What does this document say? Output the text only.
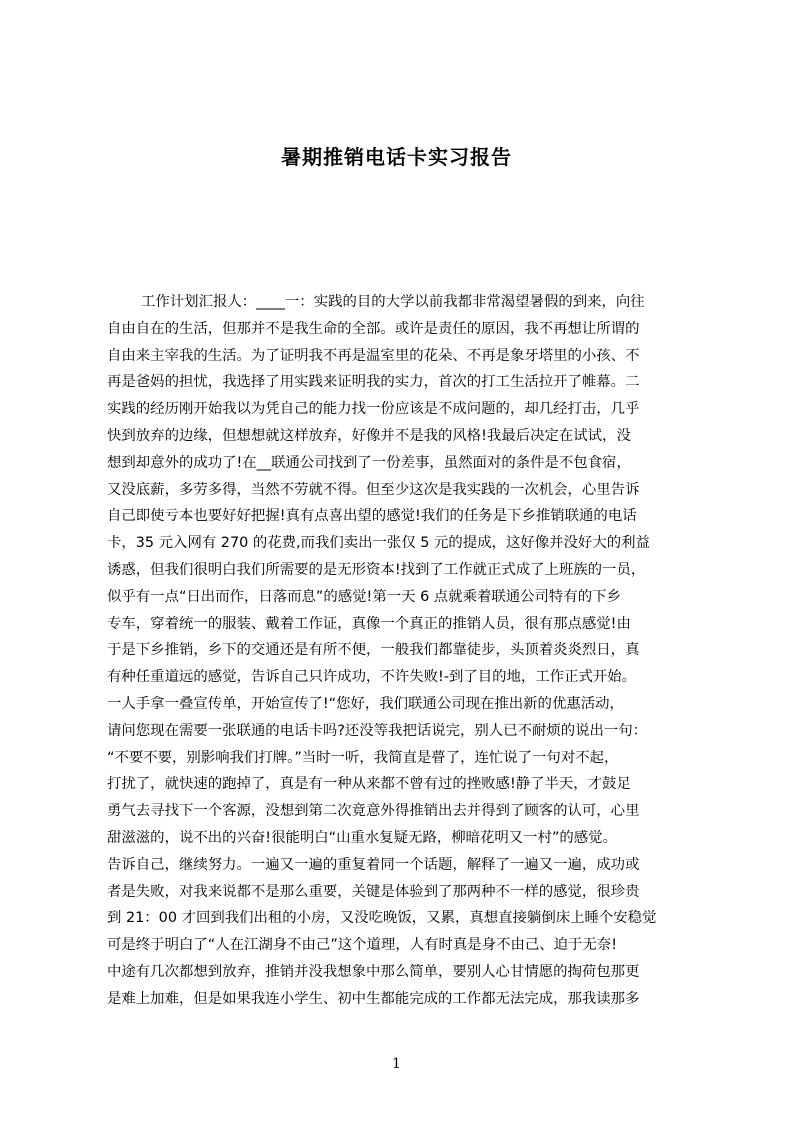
暑期推销电话卡实习报告
工作计划汇报人：____一：实践的目的大学以前我都非常渴望暑假的到来，向往
自由自在的生活，但那并不是我生命的全部。或许是责任的原因，我不再想让所谓的
自由来主宰我的生活。为了证明我不再是温室里的花朵、不再是象牙塔里的小孩、不
再是爸妈的担忧，我选择了用实践来证明我的实力，首次的打工生活拉开了帷幕。二
实践的经历刚开始我以为凭自己的能力找一份应该是不成问题的，却几经打击，几乎
快到放弃的边缘，但想想就这样放弃，好像并不是我的风格!我最后决定在试试，没
想到却意外的成功了!在__联通公司找到了一份差事，虽然面对的条件是不包食宿，
又没底薪，多劳多得，当然不劳就不得。但至少这次是我实践的一次机会，心里告诉
自己即使亏本也要好好把握!真有点喜出望的感觉!我们的任务是下乡推销联通的电话
卡，35 元入网有 270 的花费,而我们卖出一张仅 5 元的提成，这好像并没好大的利益
诱惑，但我们很明白我们所需要的是无形资本!找到了工作就正式成了上班族的一员，
似乎有一点“日出而作，日落而息”的感觉!第一天 6 点就乘着联通公司特有的下乡
专车，穿着统一的服装、戴着工作证，真像一个真正的推销人员，很有那点感觉!由
于是下乡推销，乡下的交通还是有所不便，一般我们都靠徒步，头顶着炎炎烈日，真
有种任重道远的感觉，告诉自己只许成功，不许失败!-到了目的地，工作正式开始。
一人手拿一叠宣传单，开始宣传了!“您好，我们联通公司现在推出新的优惠活动，
请问您现在需要一张联通的电话卡吗?还没等我把话说完，别人已不耐烦的说出一句：
“不要不要，别影响我们打牌。”当时一听，我简直是瞢了，连忙说了一句对不起，
打扰了，就快速的跑掉了，真是有一种从来都不曾有过的挫败感!静了半天，才鼓足
勇气去寻找下一个客源，没想到第二次竟意外得推销出去并得到了顾客的认可，心里
甜滋滋的，说不出的兴奋!很能明白“山重水复疑无路，柳暗花明又一村”的感觉。
告诉自己，继续努力。一遍又一遍的重复着同一个话题，解释了一遍又一遍，成功或
者是失败，对我来说都不是那么重要，关键是体验到了那两种不一样的感觉，很珍贵
到 21：00 才回到我们出租的小房，又没吃晚饭，又累，真想直接躺倒床上睡个安稳觉
可是终于明白了“人在江湖身不由己”这个道理，人有时真是身不由己、迫于无奈!
中途有几次都想到放弃，推销并没我想象中那么简单，要别人心甘情愿的掏荷包那更
是难上加难，但是如果我连小学生、初中生都能完成的工作都无法完成，那我读那多
1
